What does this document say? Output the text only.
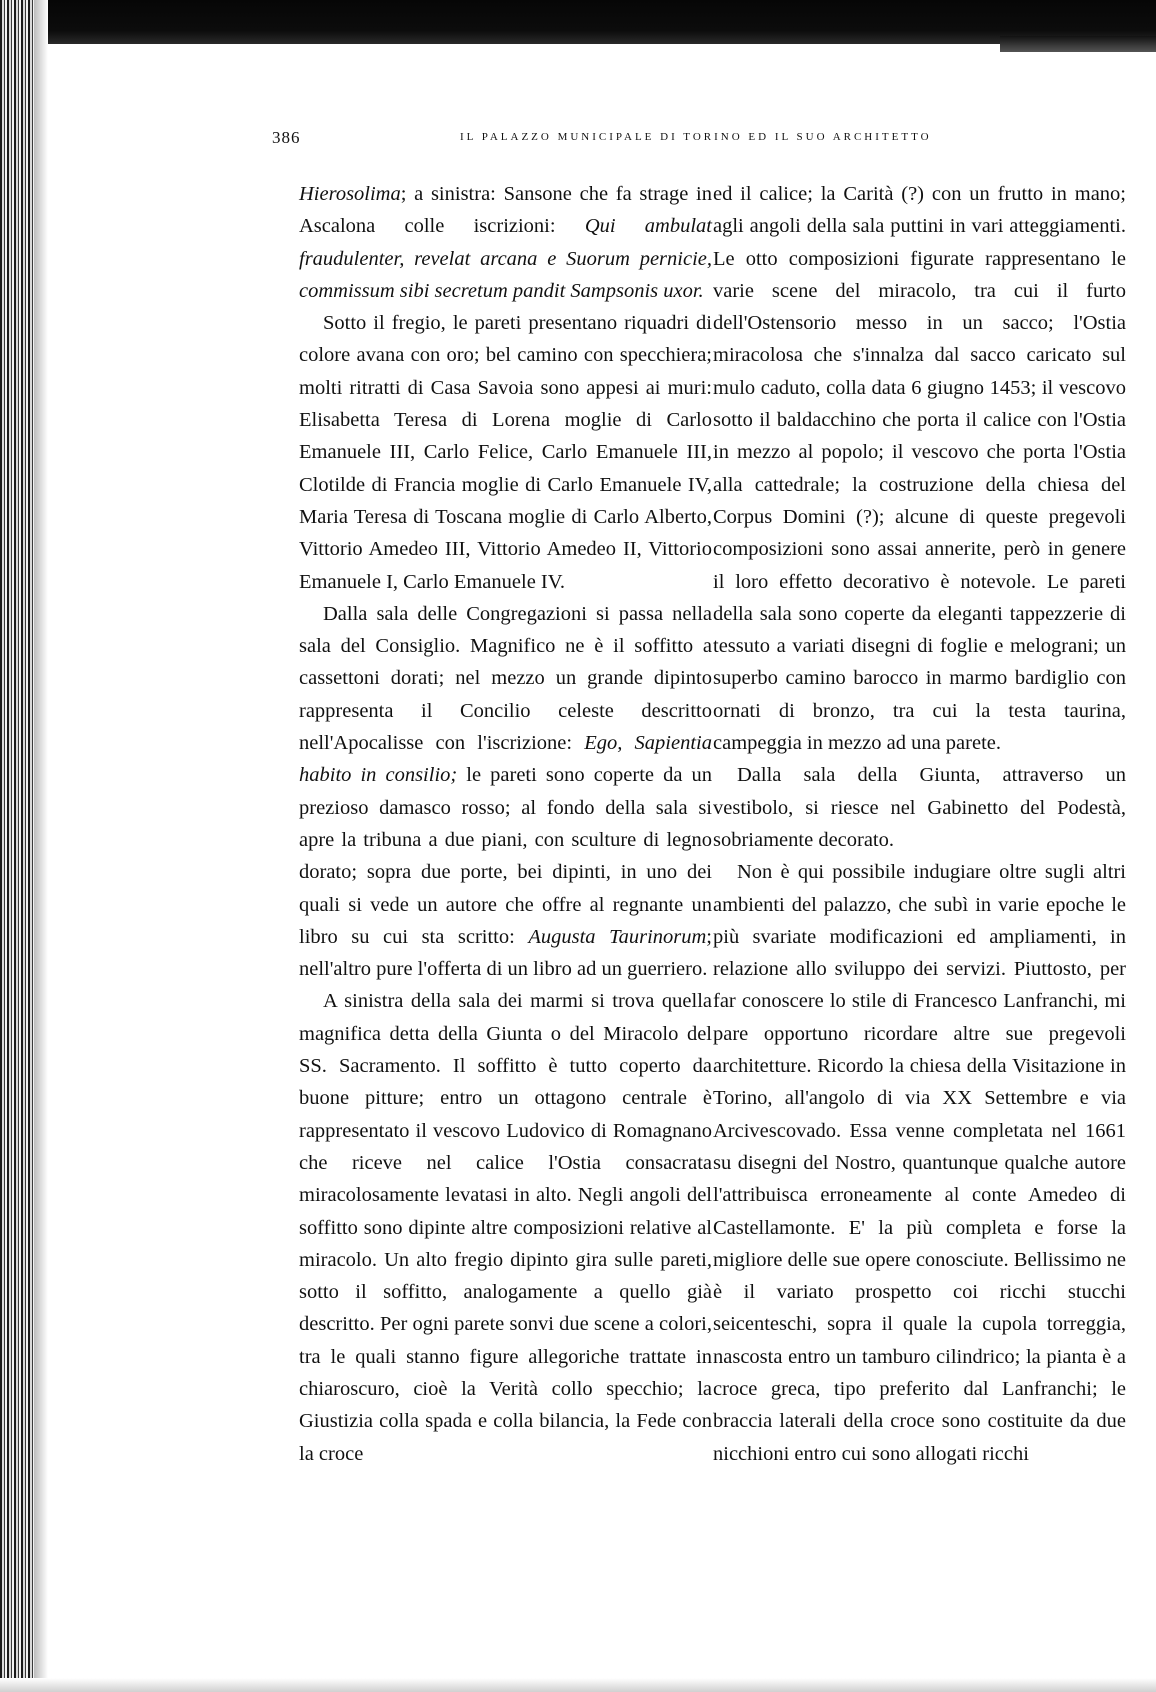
386	IL PALAZZO MUNICIPALE DI TORINO ED IL SUO ARCHITETTO

Hierosolima; a sinistra: Sansone che fa strage in Ascalona colle iscrizioni: Qui ambulat fraudulenter, revelat arcana e Suorum pernicie, commissum sibi secretum pandit Sampsonis uxor.

Sotto il fregio, le pareti presentano riquadri di colore avana con oro; bel camino con specchiera; molti ritratti di Casa Savoia sono appesi ai muri: Elisabetta Teresa di Lorena moglie di Carlo Emanuele III, Carlo Felice, Carlo Emanuele III, Clotilde di Francia moglie di Carlo Emanuele IV, Maria Teresa di Toscana moglie di Carlo Alberto, Vittorio Amedeo III, Vittorio Amedeo II, Vittorio Emanuele I, Carlo Emanuele IV.

Dalla sala delle Congregazioni si passa nella sala del Consiglio. Magnifico ne è il soffitto a cassettoni dorati; nel mezzo un grande dipinto rappresenta il Concilio celeste descritto nell'Apocalisse con l'iscrizione: Ego, Sapientia habito in consilio; le pareti sono coperte da un prezioso damasco rosso; al fondo della sala si apre la tribuna a due piani, con sculture di legno dorato; sopra due porte, bei dipinti, in uno dei quali si vede un autore che offre al regnante un libro su cui sta scritto: Augusta Taurinorum; nell'altro pure l'offerta di un libro ad un guerriero.

A sinistra della sala dei marmi si trova quella magnifica detta della Giunta o del Miracolo del SS. Sacramento. Il soffitto è tutto coperto da buone pitture; entro un ottagono centrale è rappresentato il vescovo Ludovico di Romagnano che riceve nel calice l'Ostia consacrata miracolosamente levatasi in alto. Negli angoli del soffitto sono dipinte altre composizioni relative al miracolo. Un alto fregio dipinto gira sulle pareti, sotto il soffitto, analogamente a quello già descritto. Per ogni parete sonvi due scene a colori, tra le quali stanno figure allegoriche trattate in chiaroscuro, cioè la Verità collo specchio; la Giustizia colla spada e colla bilancia, la Fede con la croce

ed il calice; la Carità (?) con un frutto in mano; agli angoli della sala puttini in vari atteggiamenti. Le otto composizioni figurate rappresentano le varie scene del miracolo, tra cui il furto dell'Ostensorio messo in un sacco; l'Ostia miracolosa che s'innalza dal sacco caricato sul mulo caduto, colla data 6 giugno 1453; il vescovo sotto il baldacchino che porta il calice con l'Ostia in mezzo al popolo; il vescovo che porta l'Ostia alla cattedrale; la costruzione della chiesa del Corpus Domini (?); alcune di queste pregevoli composizioni sono assai annerite, però in genere il loro effetto decorativo è notevole. Le pareti della sala sono coperte da eleganti tappezzerie di tessuto a variati disegni di foglie e melograni; un superbo camino barocco in marmo bardiglio con ornati di bronzo, tra cui la testa taurina, campeggia in mezzo ad una parete.

Dalla sala della Giunta, attraverso un vestibolo, si riesce nel Gabinetto del Podestà, sobriamente decorato.

Non è qui possibile indugiare oltre sugli altri ambienti del palazzo, che subì in varie epoche le più svariate modificazioni ed ampliamenti, in relazione allo sviluppo dei servizi. Piuttosto, per far conoscere lo stile di Francesco Lanfranchi, mi pare opportuno ricordare altre sue pregevoli architetture. Ricordo la chiesa della Visitazione in Torino, all'angolo di via XX Settembre e via Arcivescovado. Essa venne completata nel 1661 su disegni del Nostro, quantunque qualche autore l'attribuisca erroneamente al conte Amedeo di Castellamonte. E' la più completa e forse la migliore delle sue opere conosciute. Bellissimo ne è il variato prospetto coi ricchi stucchi seicenteschi, sopra il quale la cupola torreggia, nascosta entro un tamburo cilindrico; la pianta è a croce greca, tipo preferito dal Lanfranchi; le braccia laterali della croce sono costituite da due nicchioni entro cui sono allogati ricchi
